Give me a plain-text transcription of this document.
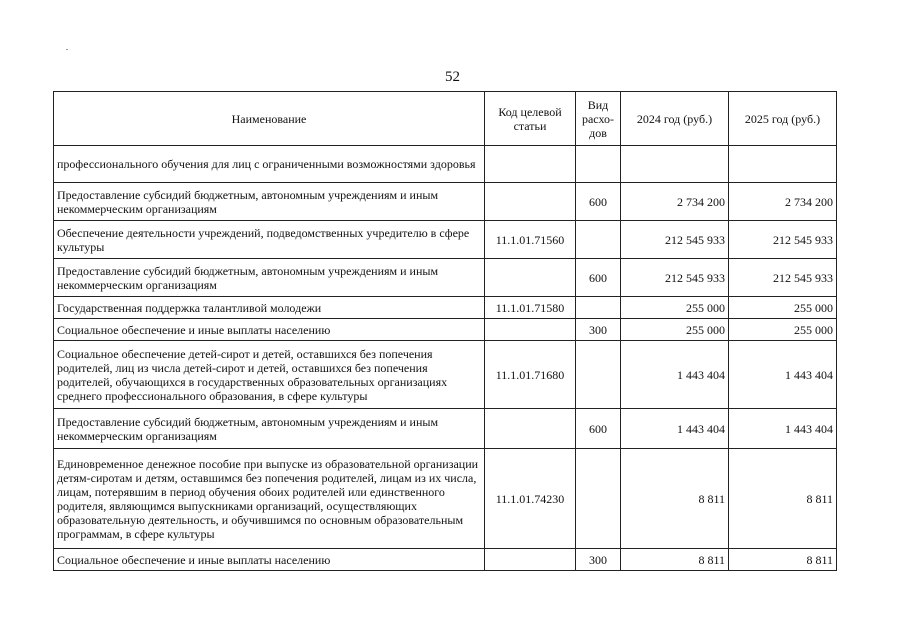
52
Наименование	Код целевой статьи	Вид расхо-дов	2024 год (руб.)	2025 год (руб.)
профессионального обучения для лиц с ограниченными возможностями здоровья				
Предоставление субсидий бюджетным, автономным учреждениям и иным некоммерческим организациям		600	2 734 200	2 734 200
Обеспечение деятельности учреждений, подведомственных учредителю в сфере культуры	11.1.01.71560		212 545 933	212 545 933
Предоставление субсидий бюджетным, автономным учреждениям и иным некоммерческим организациям		600	212 545 933	212 545 933
Государственная поддержка талантливой молодежи	11.1.01.71580		255 000	255 000
Социальное обеспечение и иные выплаты населению		300	255 000	255 000
Социальное обеспечение детей-сирот и детей, оставшихся без попечения родителей, лиц из числа детей-сирот и детей, оставшихся без попечения родителей, обучающихся в государственных образовательных организациях среднего профессионального образования, в сфере культуры	11.1.01.71680		1 443 404	1 443 404
Предоставление субсидий бюджетным, автономным учреждениям и иным некоммерческим организациям		600	1 443 404	1 443 404
Единовременное денежное пособие при выпуске из образовательной организации детям-сиротам и детям, оставшимся без попечения родителей, лицам из их числа, лицам, потерявшим в период обучения обоих родителей или единственного родителя, являющимся выпускниками организаций, осуществляющих образовательную деятельность, и обучившимся по основным образовательным программам, в сфере культуры	11.1.01.74230		8 811	8 811
Социальное обеспечение и иные выплаты населению		300	8 811	8 811
